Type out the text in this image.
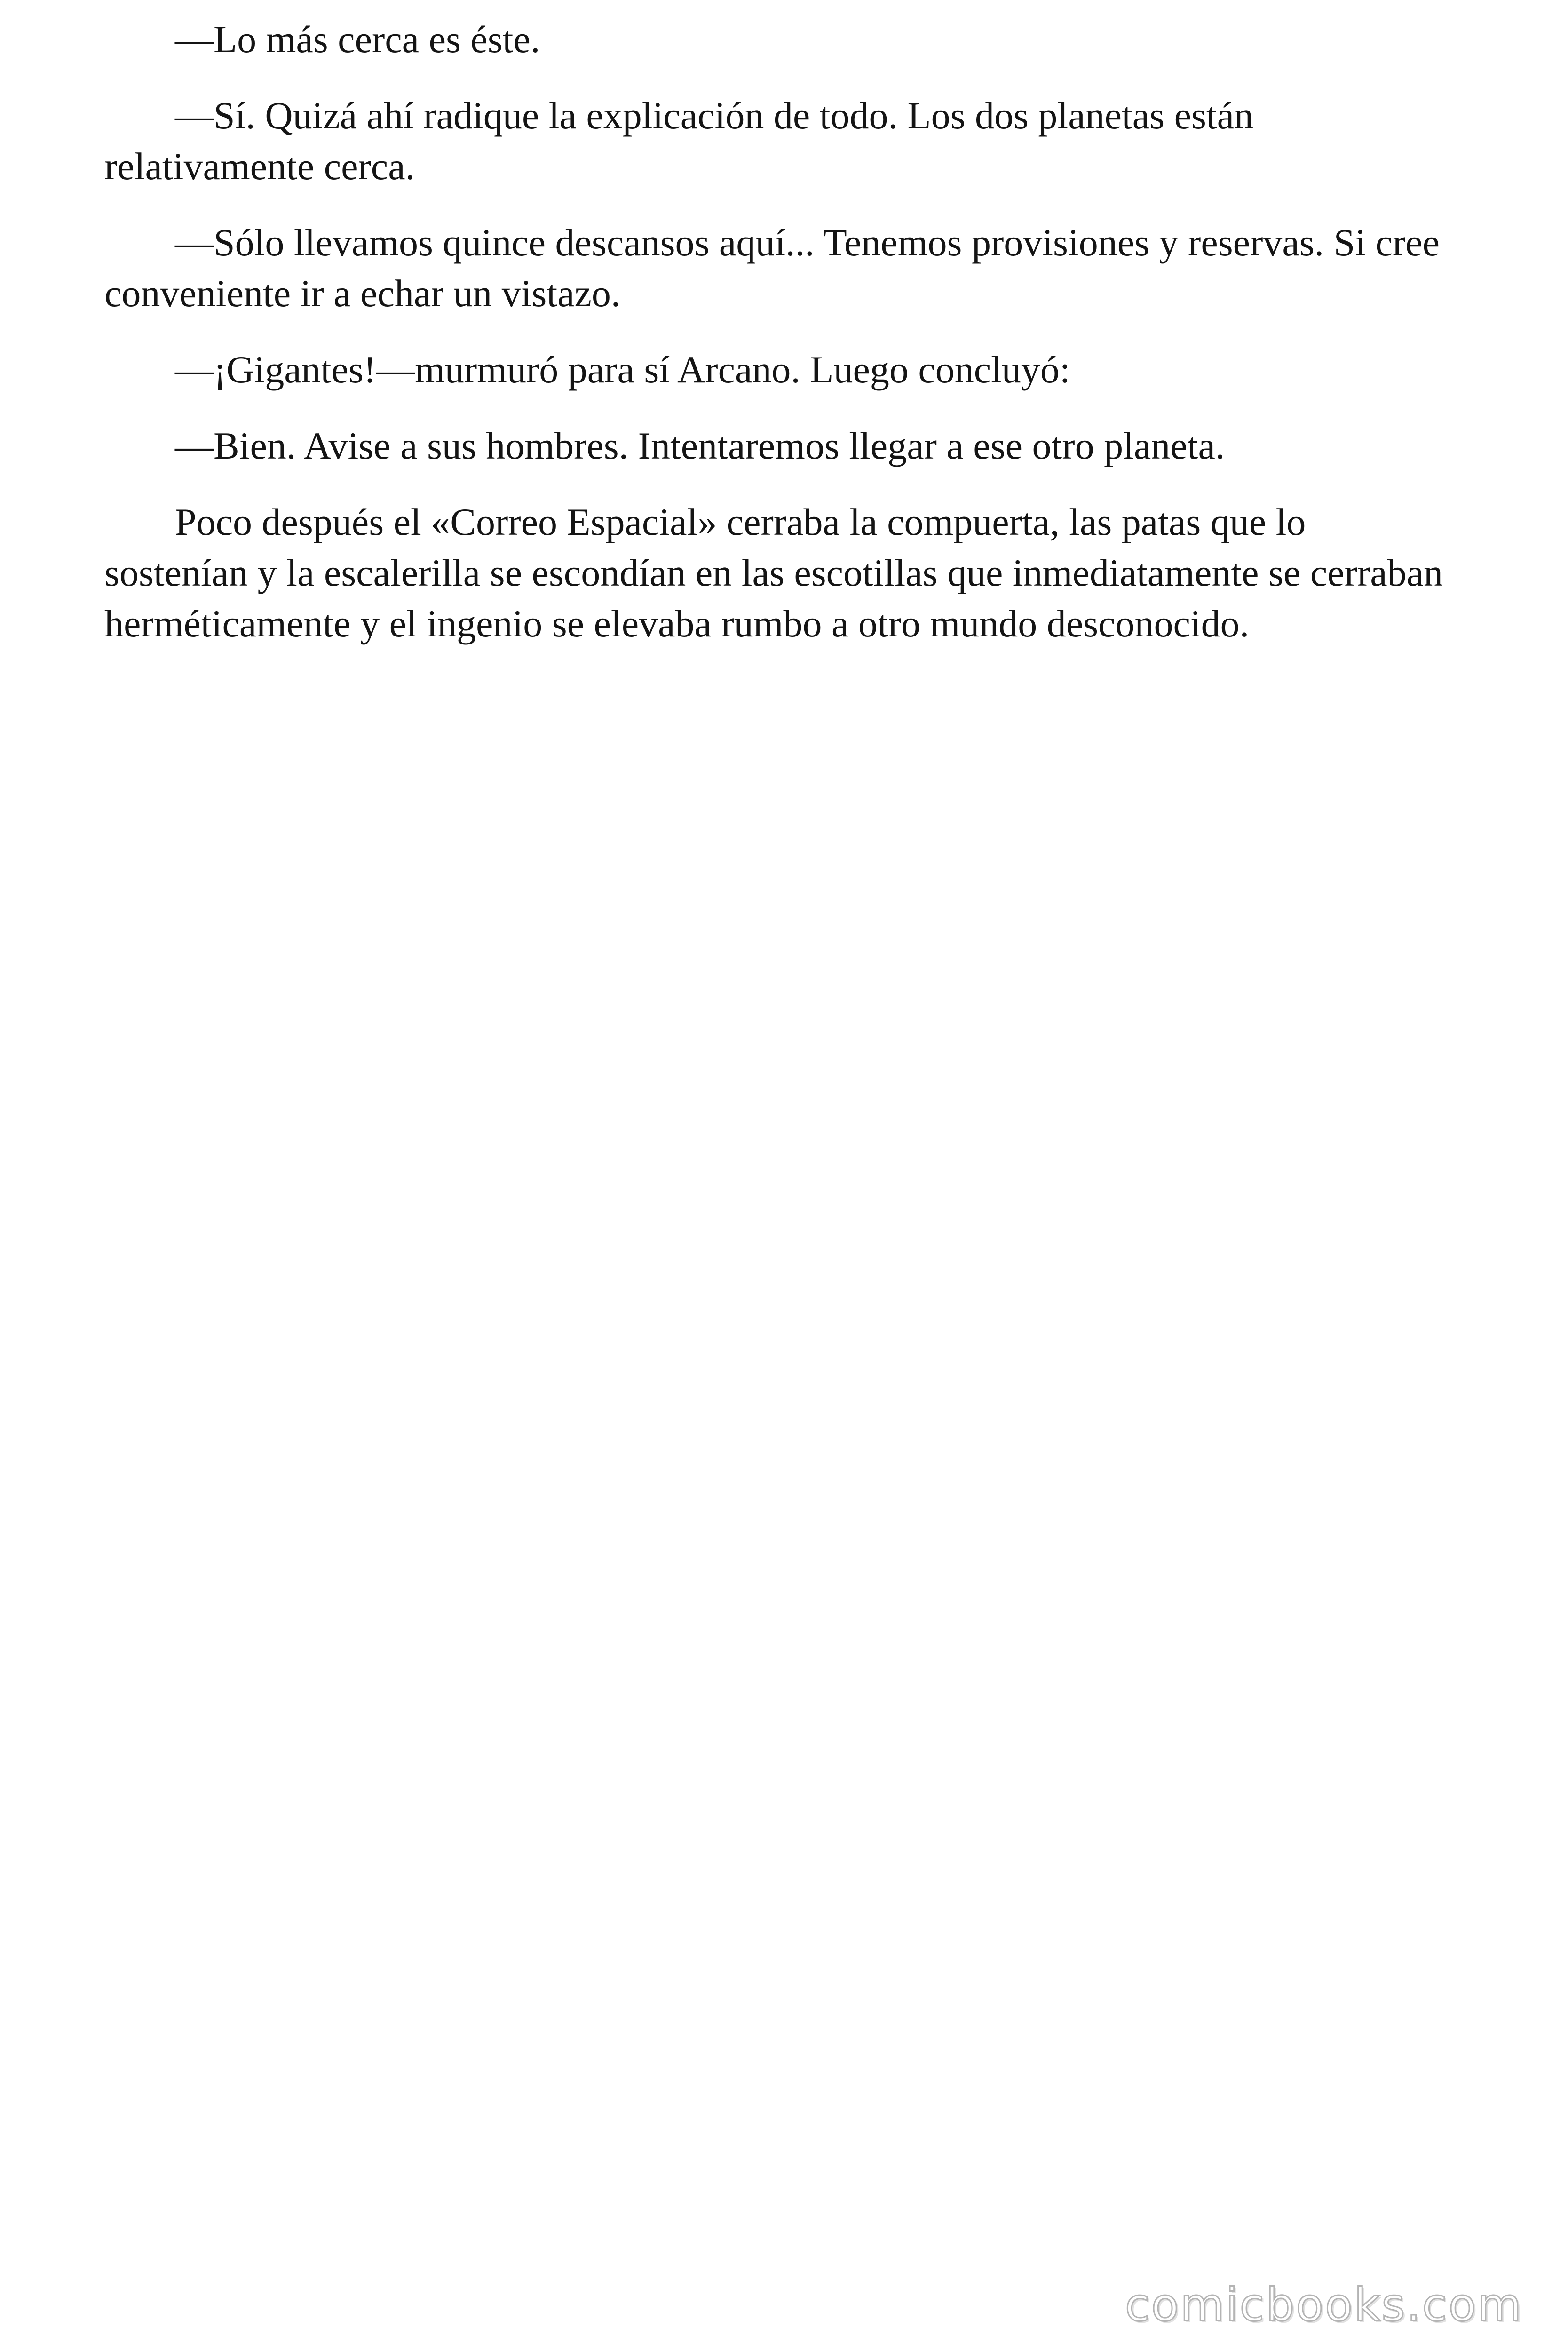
—Lo más cerca es éste.

—Sí. Quizá ahí radique la explicación de todo. Los dos planetas están relativamente cerca.

—Sólo llevamos quince descansos aquí... Tenemos provisiones y reservas. Si cree conveniente ir a echar un vistazo.

—¡Gigantes!—murmuró para sí Arcano. Luego concluyó:

—Bien. Avise a sus hombres. Intentaremos llegar a ese otro planeta.

Poco después el «Correo Espacial» cerraba la compuerta, las patas que lo sostenían y la escalerilla se escondían en las escotillas que inmediatamente se cerraban herméticamente y el ingenio se elevaba rumbo a otro mundo desconocido.

comicbooks.com
